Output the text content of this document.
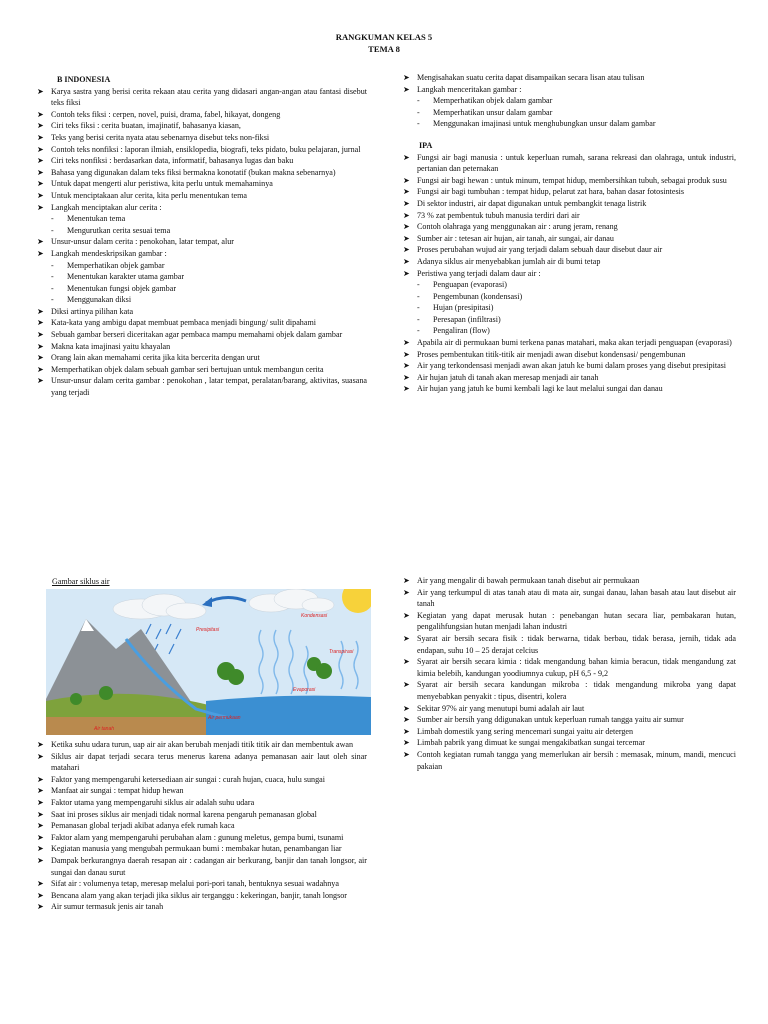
RANGKUMAN KELAS 5
TEMA 8
B INDONESIA
➤ Karya sastra yang berisi cerita rekaan atau cerita yang didasari angan-angan atau fantasi disebut teks fiksi
➤ Contoh teks fiksi : cerpen, novel, puisi, drama, fabel, hikayat, dongeng
➤ Ciri teks fiksi : cerita buatan, imajinatif, bahasanya kiasan,
➤ Teks yang berisi cerita nyata atau sebenarnya disebut teks non-fiksi
➤ Contoh teks nonfiksi : laporan ilmiah, ensiklopedia, biografi, teks pidato, buku pelajaran, jurnal
➤ Ciri teks nonfiksi : berdasarkan data, informatif, bahasanya lugas dan baku
➤ Bahasa yang digunakan dalam teks fiksi bermakna konotatif (bukan makna sebenarnya)
➤ Untuk dapat mengerti alur peristiwa, kita perlu untuk memahaminya
➤ Untuk menciptakaan alur cerita, kita perlu menentukan tema
➤ Langkah menciptakan alur cerita :
- Menentukan tema
- Mengurutkan cerita sesuai tema
➤ Unsur-unsur dalam cerita : penokohan, latar tempat, alur
➤ Langkah mendeskripsikan gambar :
- Memperhatikan objek gambar
- Menentukan karakter utama gambar
- Menentukan fungsi objek gambar
- Menggunakan diksi
➤ Diksi artinya pilihan kata
➤ Kata-kata yang ambigu dapat membuat pembaca menjadi bingung/ sulit dipahami
➤ Sebuah gambar berseri diceritakan agar pembaca mampu memahami objek dalam gambar
➤ Makna kata imajinasi yaitu khayalan
➤ Orang lain akan memahami cerita jika kita bercerita dengan urut
➤ Memperhatikan objek dalam sebuah gambar seri bertujuan untuk membangun cerita
➤ Unsur-unsur dalam cerita gambar : penokohan , latar tempat, peralatan/barang, aktivitas, suasana yang terjadi
➤ Mengisahakan suatu cerita dapat disampaikan secara lisan atau tulisan
➤ Langkah menceritakan gambar :
- Memperhatikan objek dalam gambar
- Memperhatikan unsur dalam gambar
- Menggunakan imajinasi untuk menghubungkan unsur dalam gambar
IPA
➤ Fungsi air bagi manusia : untuk keperluan rumah, sarana rekreasi dan olahraga, untuk industri, pertanian dan peternakan
➤ Fungsi air bagi hewan : untuk minum, tempat hidup, membersihkan tubuh, sebagai produk susu
➤ Fungsi air bagi tumbuhan : tempat hidup, pelarut zat hara, bahan dasar fotosintesis
➤ Di sektor industri, air dapat digunakan untuk pembangkit tenaga listrik
➤ 73 % zat pembentuk tubuh manusia terdiri dari air
➤ Contoh olahraga yang menggunakan air : arung jeram, renang
➤ Sumber air : tetesan air hujan, air tanah, air sungai, air danau
➤ Proses perubahan wujud air yang terjadi dalam sebuah daur disebut daur air
➤ Adanya siklus air menyebabkan jumlah air di bumi tetap
➤ Peristiwa yang terjadi dalam daur air :
- Penguapan (evaporasi)
- Pengembunan (kondensasi)
- Hujan (presipitasi)
- Peresapan (infiltrasi)
- Pengaliran (flow)
➤ Apabila air di permukaan bumi terkena panas matahari, maka akan terjadi penguapan (evaporasi)
➤ Proses pembentukan titik-titik air menjadi awan disebut kondensasi/ pengembunan
➤ Air yang terkondensasi menjadi awan akan jatuh ke bumi dalam proses yang disebut presipitasi
➤ Air hujan jatuh di tanah akan meresap menjadi air tanah
➤ Air hujan yang jatuh ke bumi kembali lagi ke laut melalui sungai dan danau
Gambar siklus air
Kondensasi
Presipitasi
Transpirasi
Evaporasi
Air permukaan
Air tanah
➤ Ketika suhu udara turun, uap air air akan berubah menjadi titik titik air dan membentuk awan
➤ Siklus air dapat terjadi secara terus menerus karena adanya pemanasan aair laut oleh sinar matahari
➤ Faktor yang mempengaruhi ketersediaan air sungai : curah hujan, cuaca, hulu sungai
➤ Manfaat air sungai : tempat hidup hewan
➤ Faktor utama yang mempengaruhi siklus air adalah suhu udara
➤ Saat ini proses siklus air menjadi tidak normal karena pengaruh pemanasan global
➤ Pemanasan global terjadi akibat adanya efek rumah kaca
➤ Faktor alam yang mempengaruhi perubahan alam : gunung meletus, gempa bumi, tsunami
➤ Kegiatan manusia yang mengubah permukaan bumi : membakar hutan, penambangan liar
➤ Dampak berkurangnya daerah resapan air : cadangan air berkurang, banjir dan tanah longsor, air sungai dan danau surut
➤ Sifat air : volumenya tetap, meresap melalui pori-pori tanah, bentuknya sesuai wadahnya
➤ Bencana alam yang akan terjadi jika siklus air terganggu : kekeringan, banjir, tanah longsor
➤ Air sumur termasuk jenis air tanah
➤ Air yang mengalir di bawah permukaan tanah disebut air permukaan
➤ Air yang terkumpul di atas tanah atau di mata air, sungai danau, lahan basah atau laut disebut air tanah
➤ Kegiatan yang dapat merusak hutan : penebangan hutan secara liar, pembakaran hutan, pengalihfungsian hutan menjadi lahan industri
➤ Syarat air bersih secara fisik : tidak berwarna, tidak berbau, tidak berasa, jernih, tidak ada endapan, suhu 10 – 25 derajat celcius
➤ Syarat air bersih secara kimia : tidak mengandung bahan kimia beracun, tidak mengandung zat kimia belebih, kandungan yoodiumnya cukup, pH 6,5 - 9,2
➤ Syarat air bersih secara kandungan mikroba : tidak mengandung mikroba yang dapat menyebabkan penyakit : tipus, disentri, kolera
➤ Sekitar 97% air yang menutupi bumi adalah air laut
➤ Sumber air bersih yang ddigunakan untuk keperluan rumah tangga yaitu air sumur
➤ Limbah domestik yang sering mencemari sungai yaitu air detergen
➤ Limbah pabrik yang dimuat ke sungai mengakibatkan sungai tercemar
➤ Contoh kegiatan rumah tangga yang memerlukan air bersih : memasak, minum, mandi, mencuci pakaian
